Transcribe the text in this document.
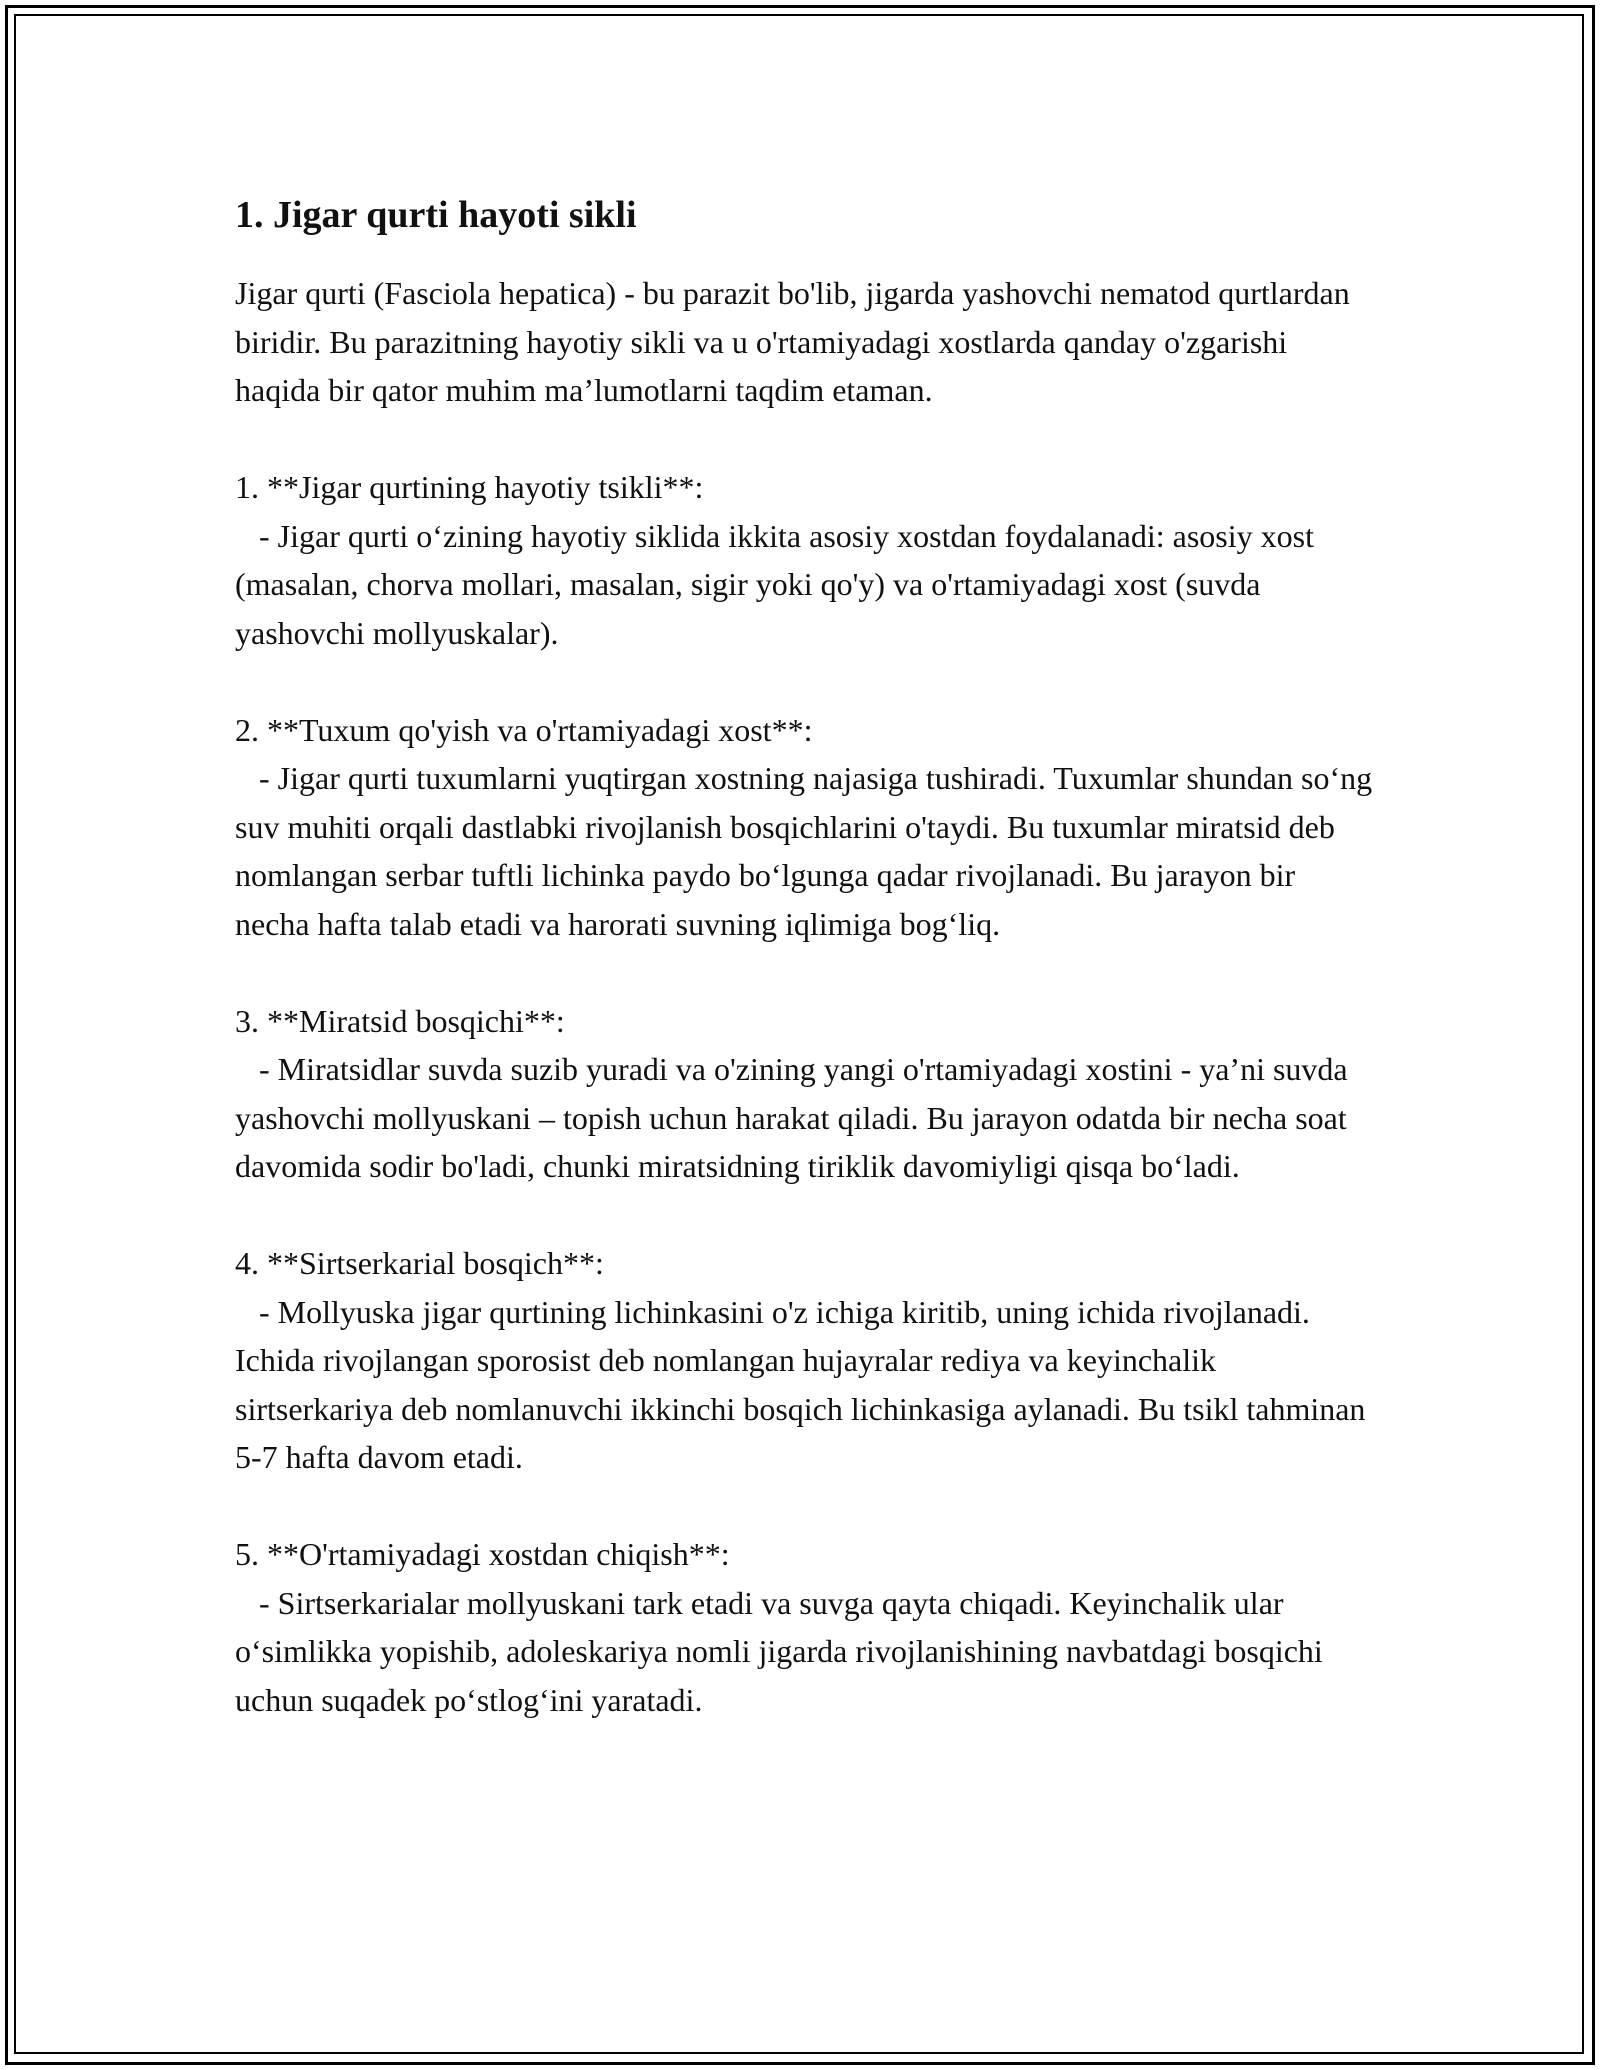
1. Jigar qurti hayoti sikli

Jigar qurti (Fasciola hepatica) - bu parazit bo'lib, jigarda yashovchi nematod qurtlardan biridir. Bu parazitning hayotiy sikli va u o'rtamiyadagi xostlarda qanday o'zgarishi haqida bir qator muhim ma’lumotlarni taqdim etaman.

1. **Jigar qurtining hayotiy tsikli**:

- Jigar qurti o‘zining hayotiy siklida ikkita asosiy xostdan foydalanadi: asosiy xost (masalan, chorva mollari, masalan, sigir yoki qo'y) va o'rtamiyadagi xost (suvda yashovchi mollyuskalar).

2. **Tuxum qo'yish va o'rtamiyadagi xost**:

- Jigar qurti tuxumlarni yuqtirgan xostning najasiga tushiradi. Tuxumlar shundan so‘ng suv muhiti orqali dastlabki rivojlanish bosqichlarini o'taydi. Bu tuxumlar miratsid deb nomlangan serbar tuftli lichinka paydo bo‘lgunga qadar rivojlanadi. Bu jarayon bir necha hafta talab etadi va harorati suvning iqlimiga bog‘liq.

3. **Miratsid bosqichi**:

- Miratsidlar suvda suzib yuradi va o'zining yangi o'rtamiyadagi xostini - ya’ni suvda yashovchi mollyuskani – topish uchun harakat qiladi. Bu jarayon odatda bir necha soat davomida sodir bo'ladi, chunki miratsidning tiriklik davomiyligi qisqa bo‘ladi.

4. **Sirtserkarial bosqich**:

- Mollyuska jigar qurtining lichinkasini o'z ichiga kiritib, uning ichida rivojlanadi. Ichida rivojlangan sporosist deb nomlangan hujayralar rediya va keyinchalik sirtserkariya deb nomlanuvchi ikkinchi bosqich lichinkasiga aylanadi. Bu tsikl tahminan 5-7 hafta davom etadi.

5. **O'rtamiyadagi xostdan chiqish**:

- Sirtserkarialar mollyuskani tark etadi va suvga qayta chiqadi. Keyinchalik ular o‘simlikka yopishib, adoleskariya nomli jigarda rivojlanishining navbatdagi bosqichi uchun suqadek po‘stlog‘ini yaratadi.
